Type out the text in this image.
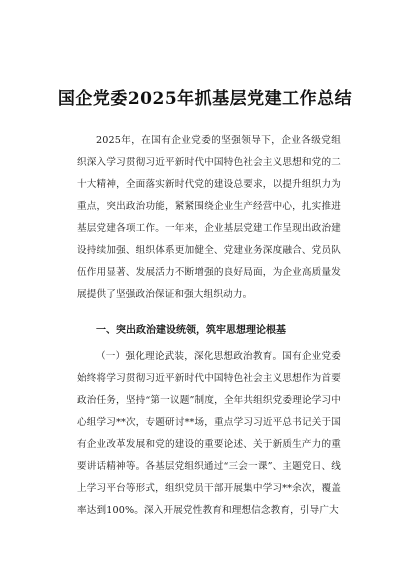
国企党委2025年抓基层党建工作总结

2025年，在国有企业党委的坚强领导下，企业各级党组织深入学习贯彻习近平新时代中国特色社会主义思想和党的二十大精神，全面落实新时代党的建设总要求，以提升组织力为重点，突出政治功能，紧紧围绕企业生产经营中心，扎实推进基层党建各项工作。一年来，企业基层党建工作呈现出政治建设持续加强、组织体系更加健全、党建业务深度融合、党员队伍作用显著、发展活力不断增强的良好局面，为企业高质量发展提供了坚强政治保证和强大组织动力。

一、突出政治建设统领，筑牢思想理论根基

（一）强化理论武装，深化思想政治教育。国有企业党委始终将学习贯彻习近平新时代中国特色社会主义思想作为首要政治任务，坚持“第一议题”制度，全年共组织党委理论学习中心组学习**次，专题研讨**场，重点学习习近平总书记关于国有企业改革发展和党的建设的重要论述、关于新质生产力的重要讲话精神等。各基层党组织通过“三会一课”、主题党日、线上学习平台等形式，组织党员干部开展集中学习**余次，覆盖率达到100%。深入开展党性教育和理想信念教育，引导广大
